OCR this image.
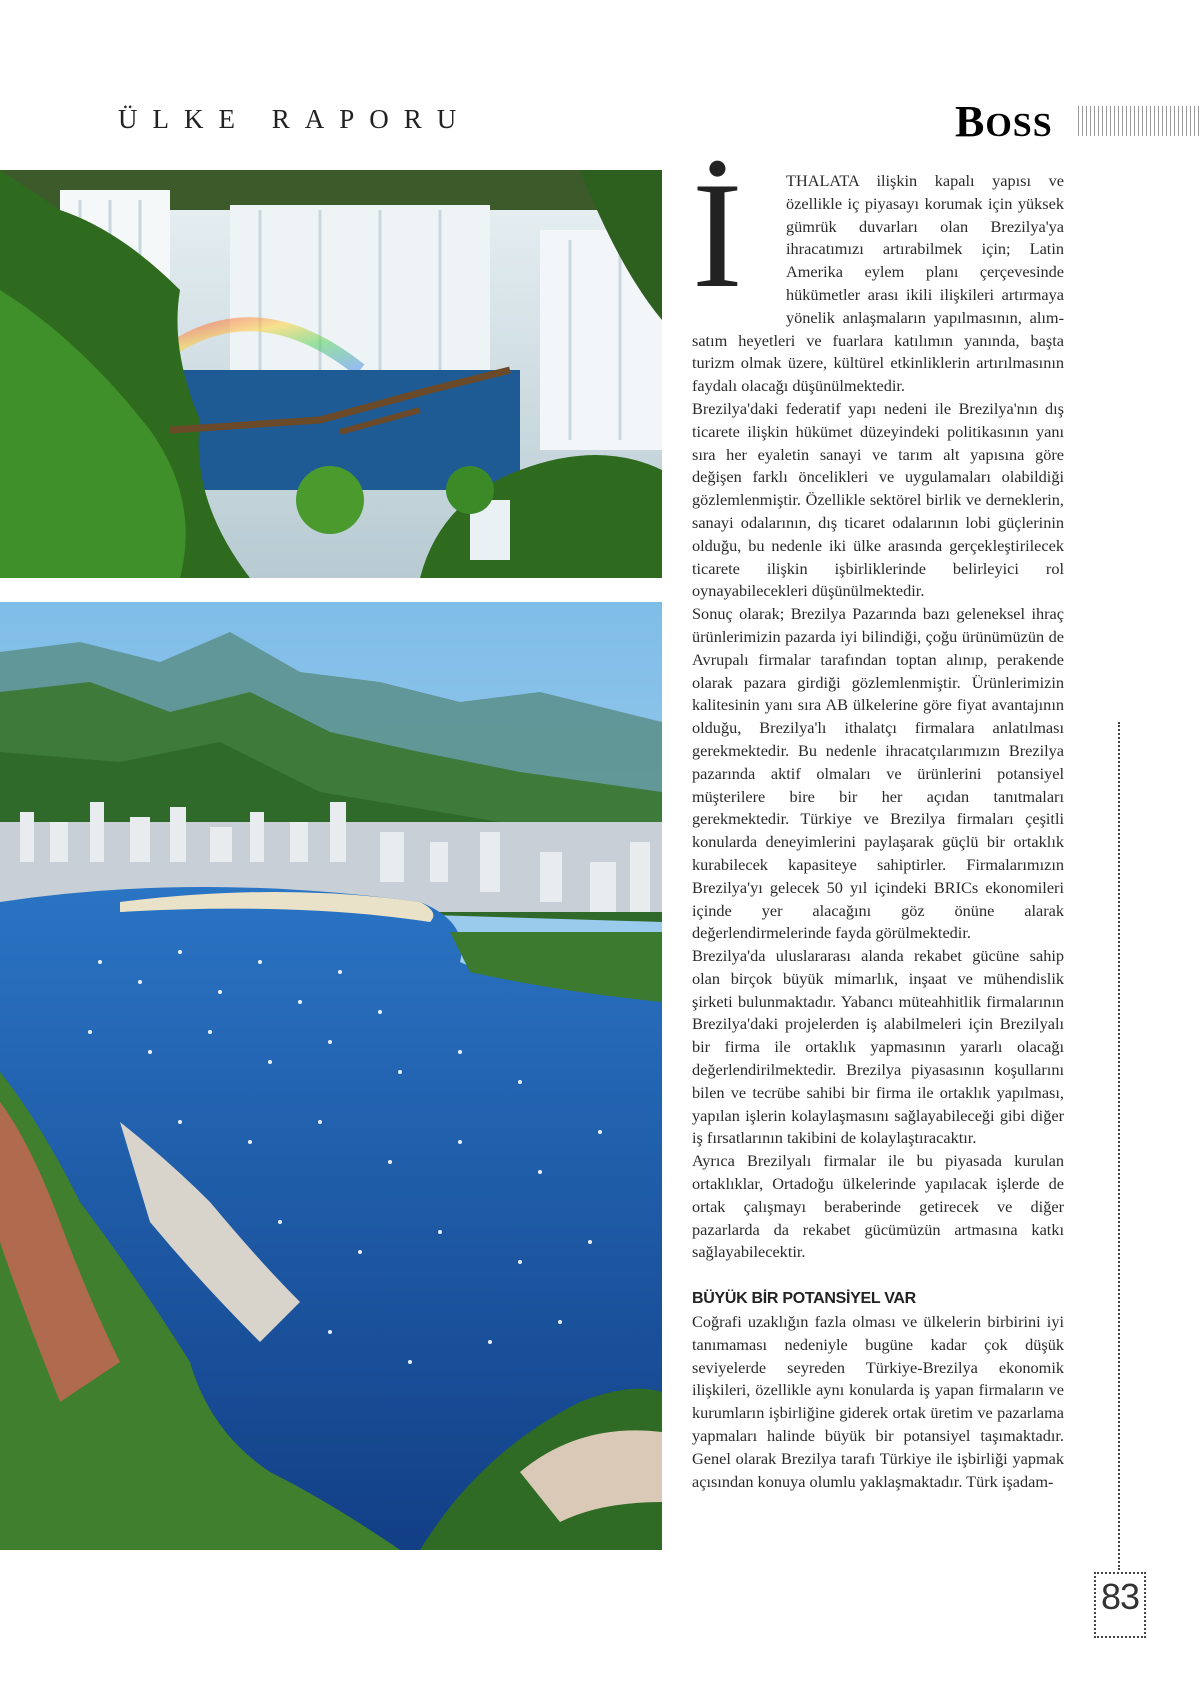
ÜLKE RAPORU	BOSS

İ	THALATA ilişkin kapalı yapısı ve özellikle iç piyasayı korumak için yüksek gümrük duvarları olan Brezilya'ya ihracatımızı artırabilmek için; Latin Amerika eylem planı çerçevesinde hükümetler arası ikili ilişkileri artırmaya yönelik anlaşmaların yapılmasının, alım-satım heyetleri ve fuarlara katılımın yanında, başta turizm olmak üzere, kültürel etkinliklerin artırılmasının faydalı olacağı düşünülmektedir.

Brezilya'daki federatif yapı nedeni ile Brezilya'nın dış ticarete ilişkin hükümet düzeyindeki politikasının yanı sıra her eyaletin sanayi ve tarım alt yapısına göre değişen farklı öncelikleri ve uygulamaları olabildiği gözlemlenmiştir. Özellikle sektörel birlik ve derneklerin, sanayi odalarının, dış ticaret odalarının lobi güçlerinin olduğu, bu nedenle iki ülke arasında gerçekleştirilecek ticarete ilişkin işbirliklerinde belirleyici rol oynayabilecekleri düşünülmektedir.

Sonuç olarak; Brezilya Pazarında bazı geleneksel ihraç ürünlerimizin pazarda iyi bilindiği, çoğu ürünümüzün de Avrupalı firmalar tarafından toptan alınıp, perakende olarak pazara girdiği gözlemlenmiştir. Ürünlerimizin kalitesinin yanı sıra AB ülkelerine göre fiyat avantajının olduğu, Brezilya'lı ithalatçı firmalara anlatılması gerekmektedir. Bu nedenle ihracatçılarımızın Brezilya pazarında aktif olmaları ve ürünlerini potansiyel müşterilere bire bir her açıdan tanıtmaları gerekmektedir. Türkiye ve Brezilya firmaları çeşitli konularda deneyimlerini paylaşarak güçlü bir ortaklık kurabilecek kapasiteye sahiptirler. Firmalarımızın Brezilya'yı gelecek 50 yıl içindeki BRICs ekonomileri içinde yer alacağını göz önüne alarak değerlendirmelerinde fayda görülmektedir.

Brezilya'da uluslararası alanda rekabet gücüne sahip olan birçok büyük mimarlık, inşaat ve mühendislik şirketi bulunmaktadır. Yabancı müteahhitlik firmalarının Brezilya'daki projelerden iş alabilmeleri için Brezilyalı bir firma ile ortaklık yapmasının yararlı olacağı değerlendirilmektedir. Brezilya piyasasının koşullarını bilen ve tecrübe sahibi bir firma ile ortaklık yapılması, yapılan işlerin kolaylaşmasını sağlayabileceği gibi diğer iş fırsatlarının takibini de kolaylaştıracaktır.

Ayrıca Brezilyalı firmalar ile bu piyasada kurulan ortaklıklar, Ortadoğu ülkelerinde yapılacak işlerde de ortak çalışmayı beraberinde getirecek ve diğer pazarlarda da rekabet gücümüzün artmasına katkı sağlayabilecektir.

BÜYÜK BİR POTANSİYEL VAR

Coğrafi uzaklığın fazla olması ve ülkelerin birbirini iyi tanımaması nedeniyle bugüne kadar çok düşük seviyelerde seyreden Türkiye-Brezilya ekonomik ilişkileri, özellikle aynı konularda iş yapan firmaların ve kurumların işbirliğine giderek ortak üretim ve pazarlama yapmaları halinde büyük bir potansiyel taşımaktadır. Genel olarak Brezilya tarafı Türkiye ile işbirliği yapmak açısından konuya olumlu yaklaşmaktadır. Türk işadam-

83
